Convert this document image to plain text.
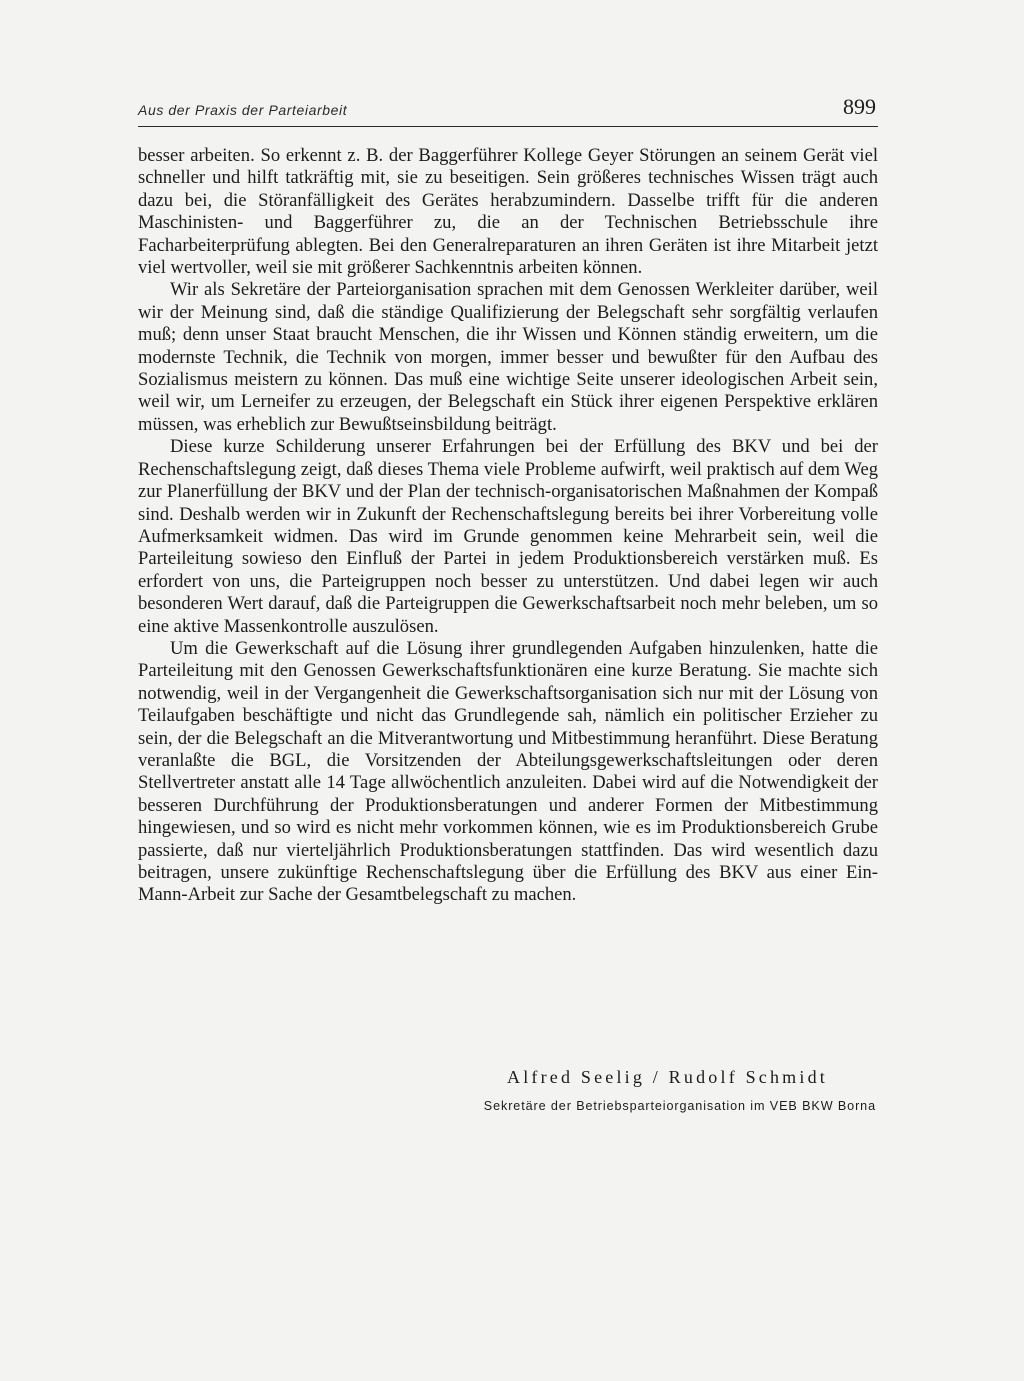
Aus der Praxis der Parteiarbeit	899

besser arbeiten. So erkennt z. B. der Baggerführer Kollege Geyer Störungen an seinem Gerät viel schneller und hilft tatkräftig mit, sie zu beseitigen. Sein größeres technisches Wissen trägt auch dazu bei, die Störanfälligkeit des Gerätes herabzumindern. Dasselbe trifft für die anderen Maschinisten- und Baggerführer zu, die an der Technischen Betriebsschule ihre Facharbeiterprüfung ablegten. Bei den Generalreparaturen an ihren Geräten ist ihre Mitarbeit jetzt viel wertvoller, weil sie mit größerer Sachkenntnis arbeiten können.

Wir als Sekretäre der Parteiorganisation sprachen mit dem Genossen Werkleiter darüber, weil wir der Meinung sind, daß die ständige Qualifizierung der Belegschaft sehr sorgfältig verlaufen muß; denn unser Staat braucht Menschen, die ihr Wissen und Können ständig erweitern, um die modernste Technik, die Technik von morgen, immer besser und bewußter für den Aufbau des Sozialismus meistern zu können. Das muß eine wichtige Seite unserer ideologischen Arbeit sein, weil wir, um Lerneifer zu erzeugen, der Belegschaft ein Stück ihrer eigenen Perspektive erklären müssen, was erheblich zur Bewußtseinsbildung beiträgt.

Diese kurze Schilderung unserer Erfahrungen bei der Erfüllung des BKV und bei der Rechenschaftslegung zeigt, daß dieses Thema viele Probleme aufwirft, weil praktisch auf dem Weg zur Planerfüllung der BKV und der Plan der technisch-organisatorischen Maßnahmen der Kompaß sind. Deshalb werden wir in Zukunft der Rechenschaftslegung bereits bei ihrer Vorbereitung volle Aufmerksamkeit widmen. Das wird im Grunde genommen keine Mehrarbeit sein, weil die Parteileitung sowieso den Einfluß der Partei in jedem Produktionsbereich verstärken muß. Es erfordert von uns, die Parteigruppen noch besser zu unterstützen. Und dabei legen wir auch besonderen Wert darauf, daß die Parteigruppen die Gewerkschaftsarbeit noch mehr beleben, um so eine aktive Massenkontrolle auszulösen.

Um die Gewerkschaft auf die Lösung ihrer grundlegenden Aufgaben hinzulenken, hatte die Parteileitung mit den Genossen Gewerkschaftsfunktionären eine kurze Beratung. Sie machte sich notwendig, weil in der Vergangenheit die Gewerkschaftsorganisation sich nur mit der Lösung von Teilaufgaben beschäftigte und nicht das Grundlegende sah, nämlich ein politischer Erzieher zu sein, der die Belegschaft an die Mitverantwortung und Mitbestimmung heranführt. Diese Beratung veranlaßte die BGL, die Vorsitzenden der Abteilungsgewerkschaftsleitungen oder deren Stellvertreter anstatt alle 14 Tage allwöchentlich anzuleiten. Dabei wird auf die Notwendigkeit der besseren Durchführung der Produktionsberatungen und anderer Formen der Mitbestimmung hingewiesen, und so wird es nicht mehr vorkommen können, wie es im Produktionsbereich Grube passierte, daß nur vierteljährlich Produktionsberatungen stattfinden. Das wird wesentlich dazu beitragen, unsere zukünftige Rechenschaftslegung über die Erfüllung des BKV aus einer Ein-Mann-Arbeit zur Sache der Gesamtbelegschaft zu machen.

Alfred Seelig / Rudolf Schmidt
Sekretäre der Betriebsparteiorganisation im VEB BKW Borna
